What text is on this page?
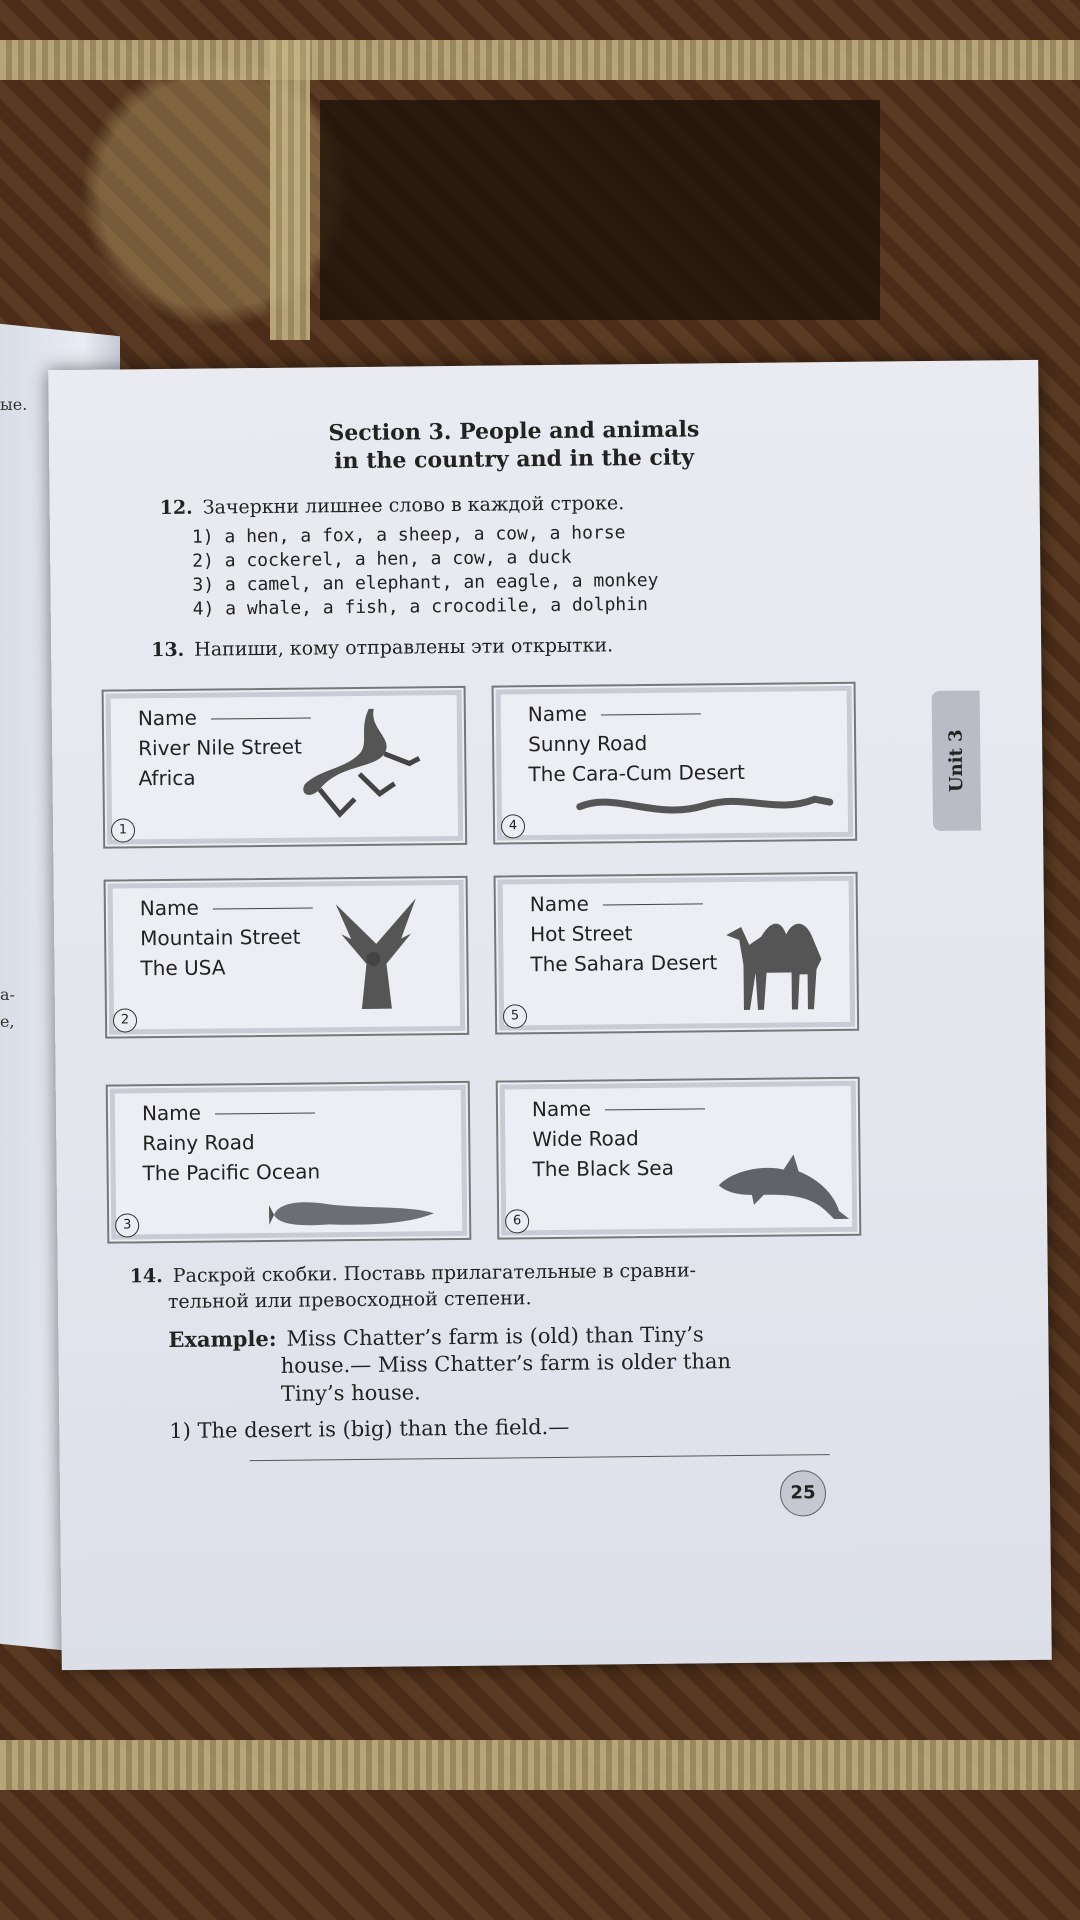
ые.
а-
е,
Section 3. People and animals
in the country and in the city
12. Зачеркни лишнее слово в каждой строке.
1) a hen, a fox, a sheep, a cow, a horse
2) a cockerel, a hen, a cow, a duck
3) a camel, an elephant, an eagle, a monkey
4) a whale, a fish, a crocodile, a dolphin
13. Напиши, кому отправлены эти открытки.
Name
River Nile Street
Africa
1
Name
Sunny Road
The Cara-Cum Desert
4
Name
Mountain Street
The USA
2
Name
Hot Street
The Sahara Desert
5
Name
Rainy Road
The Pacific Ocean
3
Name
Wide Road
The Black Sea
6
Unit 3
14. Раскрой скобки. Поставь прилагательные в сравни-
тельной или превосходной степени.
Example: Miss Chatter’s farm is (old) than Tiny’s
house.— Miss Chatter’s farm is older than
Tiny’s house.
1) The desert is (big) than the field.—
25
